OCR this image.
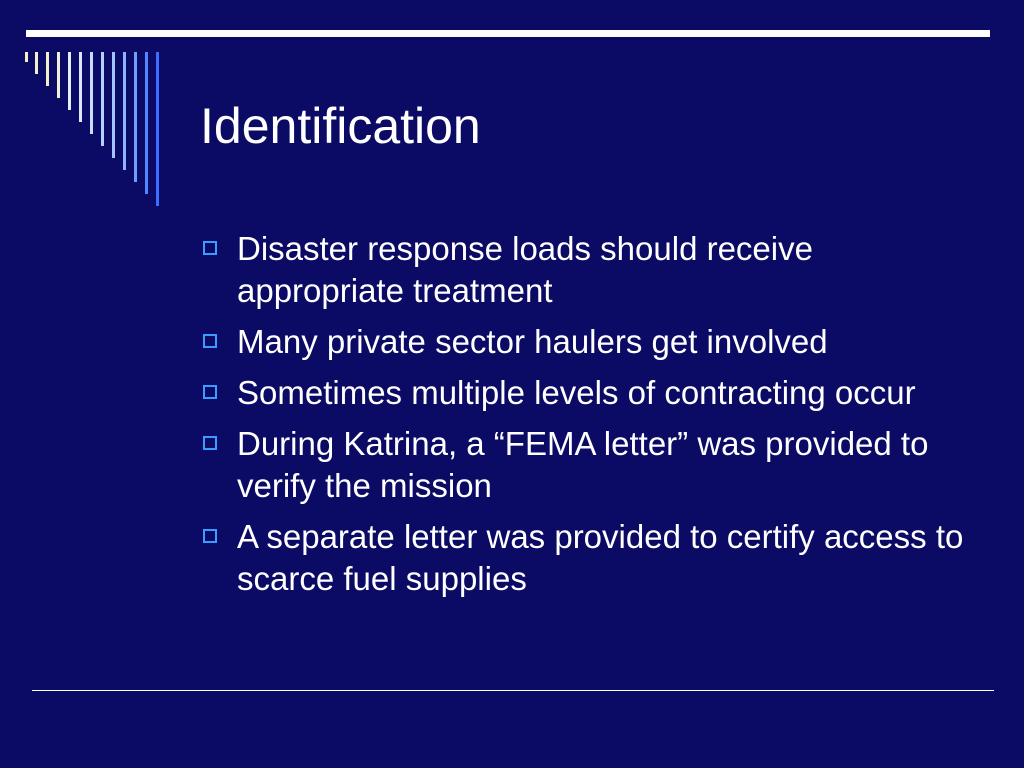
Identification
Disaster response loads should receive appropriate treatment
Many private sector haulers get involved
Sometimes multiple levels of contracting occur
During Katrina, a “FEMA letter” was provided to verify the mission
A separate letter was provided to certify access to scarce fuel supplies
